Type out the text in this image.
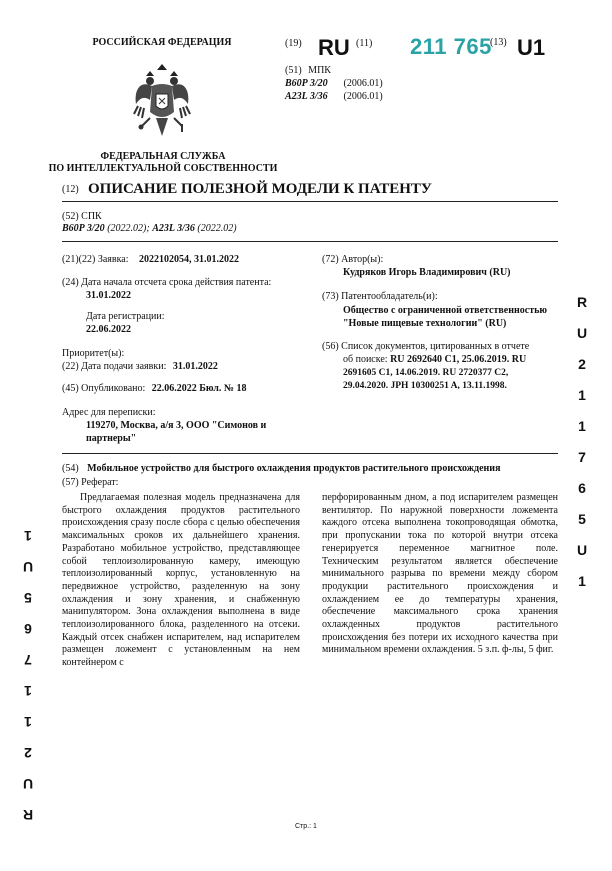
РОССИЙСКАЯ ФЕДЕРАЦИЯ
ФЕДЕРАЛЬНАЯ СЛУЖБА
ПО ИНТЕЛЛЕКТУАЛЬНОЙ СОБСТВЕННОСТИ
(19) RU (11) 211 765
(13) U1
(51) МПК
B60P 3/20 (2006.01)
A23L 3/36 (2006.01)
(12) ОПИСАНИЕ ПОЛЕЗНОЙ МОДЕЛИ К ПАТЕНТУ
(52) СПК
B60P 3/20 (2022.02); A23L 3/36 (2022.02)
(21)(22) Заявка: 2022102054, 31.01.2022
(24) Дата начала отсчета срока действия патента:
31.01.2022
Дата регистрации:
22.06.2022
Приоритет(ы):
(22) Дата подачи заявки: 31.01.2022
(45) Опубликовано: 22.06.2022 Бюл. № 18
Адрес для переписки:
119270, Москва, а/я 3, ООО "Симонов и
партнеры"
(72) Автор(ы):
Кудряков Игорь Владимирович (RU)
(73) Патентообладатель(и):
Общество с ограниченной ответственностью
"Новые пищевые технологии" (RU)
(56) Список документов, цитированных в отчете
об поиске: RU 2692640 C1, 25.06.2019. RU
2691605 C1, 14.06.2019. RU 2720377 C2,
29.04.2020. JPH 10300251 A, 13.11.1998.
(54) Мобильное устройство для быстрого охлаждения продуктов растительного происхождения
(57) Реферат:
Предлагаемая полезная модель предназначена для быстрого охлаждения продуктов растительного происхождения сразу после сбора с целью обеспечения максимальных сроков их дальнейшего хранения. Разработано мобильное устройство, представляющее собой теплоизолированную камеру, имеющую теплоизолированный корпус, установленную на передвижное устройство, разделенную на зону охлаждения и зону хранения, и снабженную манипулятором. Зона охлаждения выполнена в виде теплоизолированного блока, разделенного на отсеки. Каждый отсек снабжен испарителем, над испарителем размещен ложемент с установленным на нем контейнером с
перфорированным дном, а под испарителем размещен вентилятор. По наружной поверхности ложемента каждого отсека выполнена токопроводящая обмотка, при пропускании тока по которой внутри отсека генерируется переменное магнитное поле. Техническим результатом является обеспечение минимального разрыва по времени между сбором продукции растительного происхождения и охлаждением ее до температуры хранения, обеспечение максимального срока хранения охлажденных продуктов растительного происхождения без потери их исходного качества при минимальном времени охлаждения. 5 з.п. ф-лы, 5 фиг.
R
U
2
1
1
7
6
5
U
1
R
U
2
1
1
7
6
5
U
1
Стр.: 1
